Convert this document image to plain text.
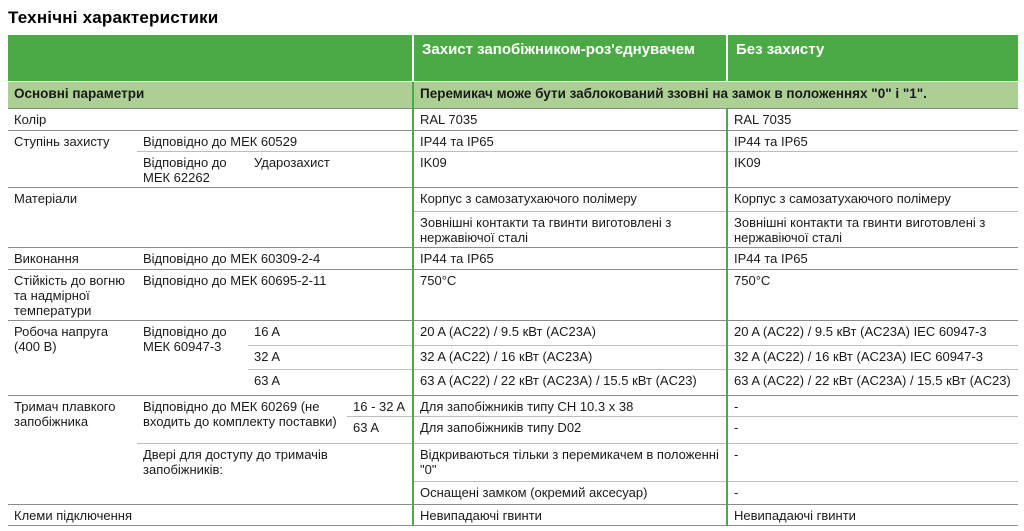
Технічні характеристики
				Захист запобіжником-роз'єднувачем	Без захисту
Основні параметри				Перемикач може бути заблокований ззовні на замок в положеннях "0" і "1".	
Колір				RAL 7035	RAL 7035
Ступінь захисту	Відповідно до МЕК 60529			IP44 та IP65	IP44 та IP65
	Відповідно до МЕК 62262	Ударозахист		IK09	IK09
Матеріали				Корпус з самозатухаючого полімеру	Корпус з самозатухаючого полімеру
				Зовнішні контакти та гвинти виготовлені з нержавіючої сталі	Зовнішні контакти та гвинти виготовлені з нержавіючої сталі
Виконання	Відповідно до МЕК 60309-2-4			IP44 та IP65	IP44 та IP65
Стійкість до вогню та надмірної температури	Відповідно до МЕК 60695-2-11			750°C	750°C
Робоча напруга (400 В)	Відповідно до МЕК 60947-3	16 A		20 A (AC22) / 9.5 кВт (AC23A)	20 A (AC22) / 9.5 кВт (AC23A) IEC 60947-3
		32 A		32 A (AC22) / 16 кВт (AC23A)	32 A (AC22) / 16 кВт (AC23A) IEC 60947-3
		63 A		63 A (AC22) / 22 кВт (AC23A) / 15.5 кВт (AC23)	63 A (AC22) / 22 кВт (AC23A) / 15.5 кВт (AC23)
Тримач плавкого запобіжника	Відповідно до МЕК 60269 (не входить до комплекту поставки)		16 - 32 A	Для запобіжників типу CH 10.3 x 38	-
			63 A	Для запобіжників типу D02	-
	Двері для доступу до тримачів запобіжників:			Відкриваються тільки з перемикачем в положенні "0"	-
				Оснащені замком (окремий аксесуар)	-
Клеми підключення				Невипадаючі гвинти	Невипадаючі гвинти
